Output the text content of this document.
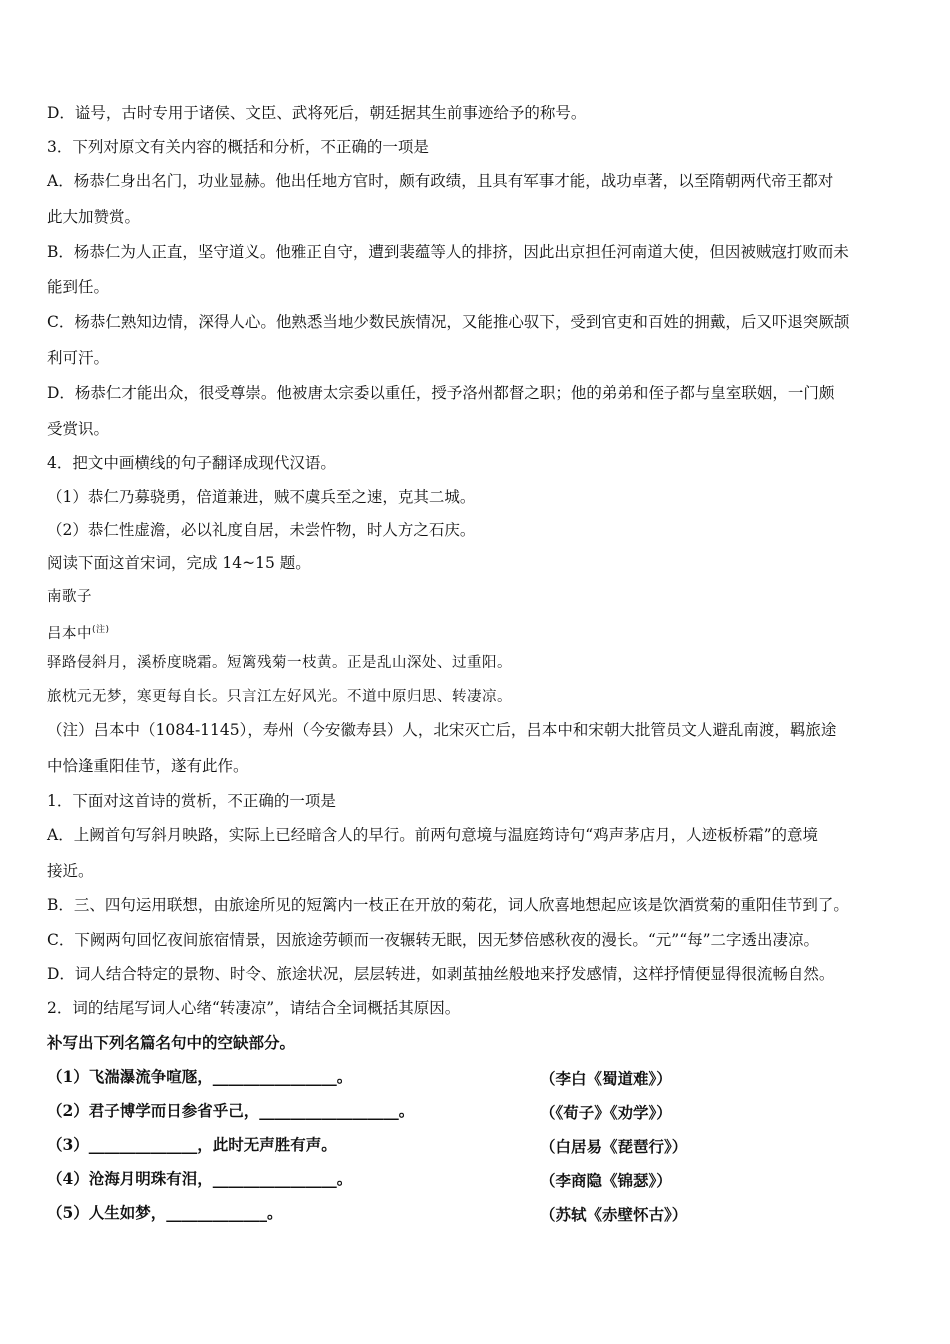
D．谥号，古时专用于诸侯、文臣、武将死后，朝廷据其生前事迹给予的称号。
3．下列对原文有关内容的概括和分析，不正确的一项是
A．杨恭仁身出名门，功业显赫。他出任地方官时，颇有政绩，且具有军事才能，战功卓著，以至隋朝两代帝王都对
此大加赞赏。
B．杨恭仁为人正直，坚守道义。他雅正自守，遭到裴蕴等人的排挤，因此出京担任河南道大使，但因被贼寇打败而未
能到任。
C．杨恭仁熟知边情，深得人心。他熟悉当地少数民族情况，又能推心驭下，受到官吏和百姓的拥戴，后又吓退突厥颉
利可汗。
D．杨恭仁才能出众，很受尊崇。他被唐太宗委以重任，授予洛州都督之职；他的弟弟和侄子都与皇室联姻，一门颇
受赏识。
4．把文中画横线的句子翻译成现代汉语。
（1）恭仁乃募骁勇，倍道兼进，贼不虞兵至之速，克其二城。
（2）恭仁性虚澹，必以礼度自居，未尝忤物，时人方之石庆。
阅读下面这首宋词，完成 14~15 题。
南歌子
吕本中$^{(注)}$
驿路侵斜月，溪桥度晓霜。短篱残菊一枝黄。正是乱山深处、过重阳。
旅枕元无梦，寒更每自长。只言江左好风光。不道中原归思、转凄凉。
（注）吕本中（1084-1145），寿州（今安徽寿县）人，北宋灭亡后，吕本中和宋朝大批管员文人避乱南渡，羁旅途
中恰逢重阳佳节，遂有此作。
1．下面对这首诗的赏析，不正确的一项是
A．上阙首句写斜月映路，实际上已经暗含人的早行。前两句意境与温庭筠诗句“鸡声茅店月，人迹板桥霜”的意境
接近。
B．三、四句运用联想，由旅途所见的短篱内一枝正在开放的菊花，词人欣喜地想起应该是饮酒赏菊的重阳佳节到了。
C．下阙两句回忆夜间旅宿情景，因旅途劳顿而一夜辗转无眠，因无梦倍感秋夜的漫长。“元”“每”二字透出凄凉。
D．词人结合特定的景物、时令、旅途状况，层层转进，如剥茧抽丝般地来抒发感情，这样抒情便显得很流畅自然。
2．词的结尾写词人心绪“转凄凉”，请结合全词概括其原因。
补写出下列名篇名句中的空缺部分。
（1）飞湍瀑流争喧豗，________________。	（李白《蜀道难》）
（2）君子博学而日参省乎己，__________________。	（《荀子》《劝学》）
（3）______________，此时无声胜有声。	（白居易《琵琶行》）
（4）沧海月明珠有泪，________________。	（李商隐《锦瑟》）
（5）人生如梦，_____________。	（苏轼《赤壁怀古》）
